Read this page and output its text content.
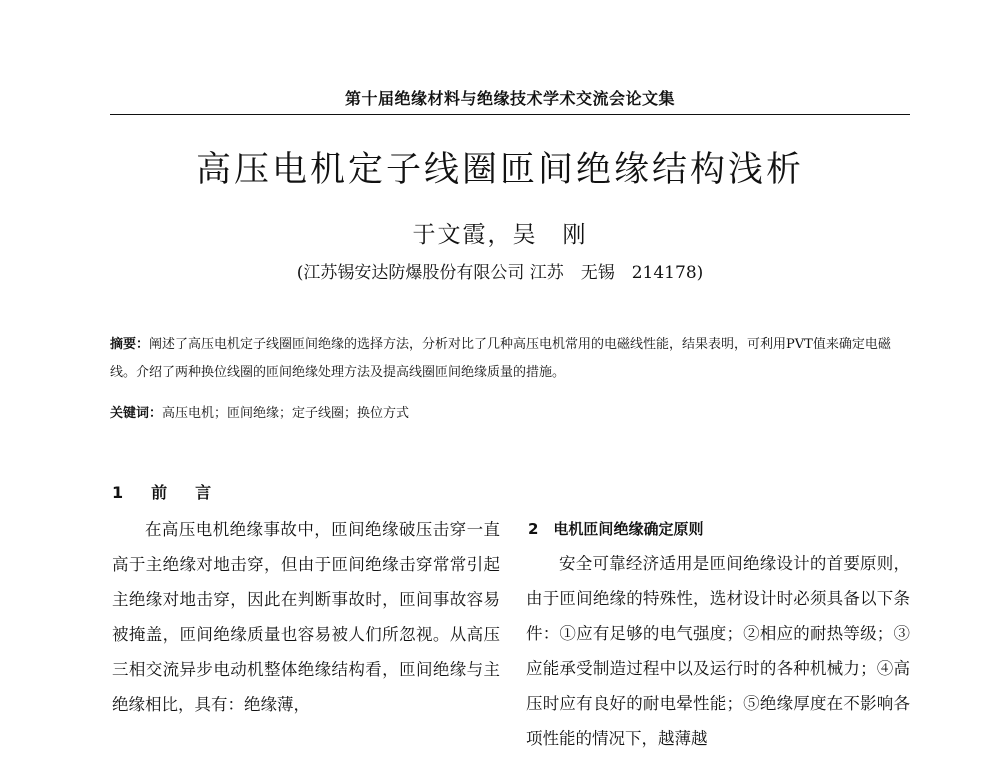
第十届绝缘材料与绝缘技术学术交流会论文集
高压电机定子线圈匝间绝缘结构浅析
于文霞，吴　刚
(江苏锡安达防爆股份有限公司 江苏　无锡　214178)
摘要：阐述了高压电机定子线圈匝间绝缘的选择方法，分析对比了几种高压电机常用的电磁线性能，结果表明，可利用PVT值来确定电磁线。介绍了两种换位线圈的匝间绝缘处理方法及提高线圈匝间绝缘质量的措施。
关键词：高压电机；匝间绝缘；定子线圈；换位方式
1　前　言
在高压电机绝缘事故中，匝间绝缘破压击穿一直高于主绝缘对地击穿，但由于匝间绝缘击穿常常引起主绝缘对地击穿，因此在判断事故时，匝间事故容易被掩盖，匝间绝缘质量也容易被人们所忽视。从高压三相交流异步电动机整体绝缘结构看，匝间绝缘与主绝缘相比，具有：绝缘薄，
2　电机匝间绝缘确定原则
安全可靠经济适用是匝间绝缘设计的首要原则，由于匝间绝缘的特殊性，选材设计时必须具备以下条件：①应有足够的电气强度；②相应的耐热等级；③应能承受制造过程中以及运行时的各种机械力；④高压时应有良好的耐电晕性能；⑤绝缘厚度在不影响各项性能的情况下，越薄越
